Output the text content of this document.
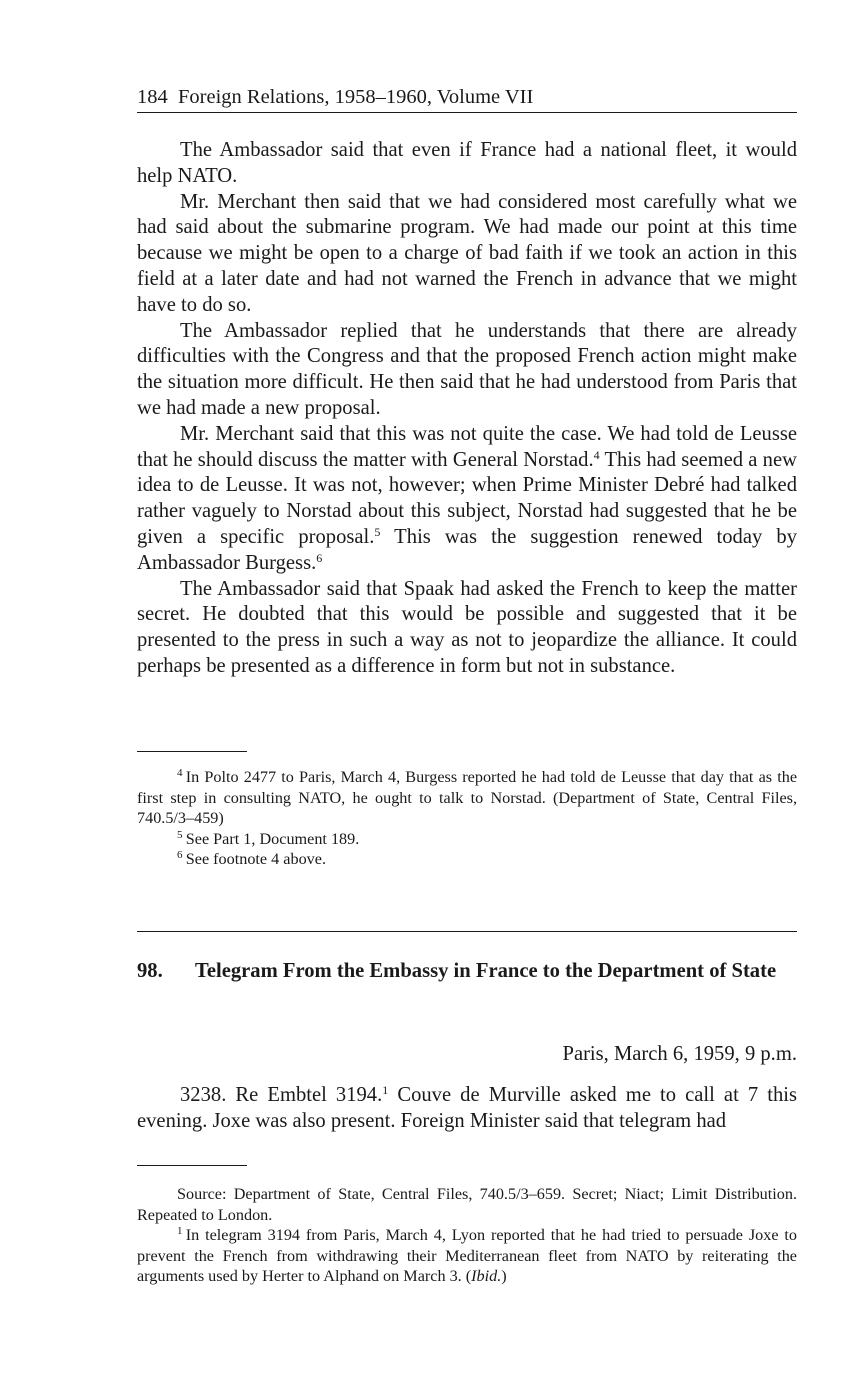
184 Foreign Relations, 1958–1960, Volume VII

The Ambassador said that even if France had a national fleet, it would help NATO.

Mr. Merchant then said that we had considered most carefully what we had said about the submarine program. We had made our point at this time because we might be open to a charge of bad faith if we took an action in this field at a later date and had not warned the French in advance that we might have to do so.

The Ambassador replied that he understands that there are already difficulties with the Congress and that the proposed French action might make the situation more difficult. He then said that he had understood from Paris that we had made a new proposal.

Mr. Merchant said that this was not quite the case. We had told de Leusse that he should discuss the matter with General Norstad.$^4$ This had seemed a new idea to de Leusse. It was not, however; when Prime Minister Debré had talked rather vaguely to Norstad about this subject, Norstad had suggested that he be given a specific proposal.$^5$ This was the suggestion renewed today by Ambassador Burgess.$^6$

The Ambassador said that Spaak had asked the French to keep the matter secret. He doubted that this would be possible and suggested that it be presented to the press in such a way as not to jeopardize the alliance. It could perhaps be presented as a difference in form but not in substance.

$^4$  In Polto 2477 to Paris, March 4, Burgess reported he had told de Leusse that day that as the first step in consulting NATO, he ought to talk to Norstad. (Department of State, Central Files, 740.5/3–459)

$^5$  See Part 1, Document 189.

$^6$  See footnote 4 above.

98. Telegram From the Embassy in France to the Department of State
Paris, March 6, 1959, 9 p.m.

3238. Re Embtel 3194.$^1$ Couve de Murville asked me to call at 7 this evening. Joxe was also present. Foreign Minister said that telegram had

Source: Department of State, Central Files, 740.5/3–659. Secret; Niact; Limit Distribution. Repeated to London.

$^1$  In telegram 3194 from Paris, March 4, Lyon reported that he had tried to persuade Joxe to prevent the French from withdrawing their Mediterranean fleet from NATO by reiterating the arguments used by Herter to Alphand on March 3. (Ibid.)
